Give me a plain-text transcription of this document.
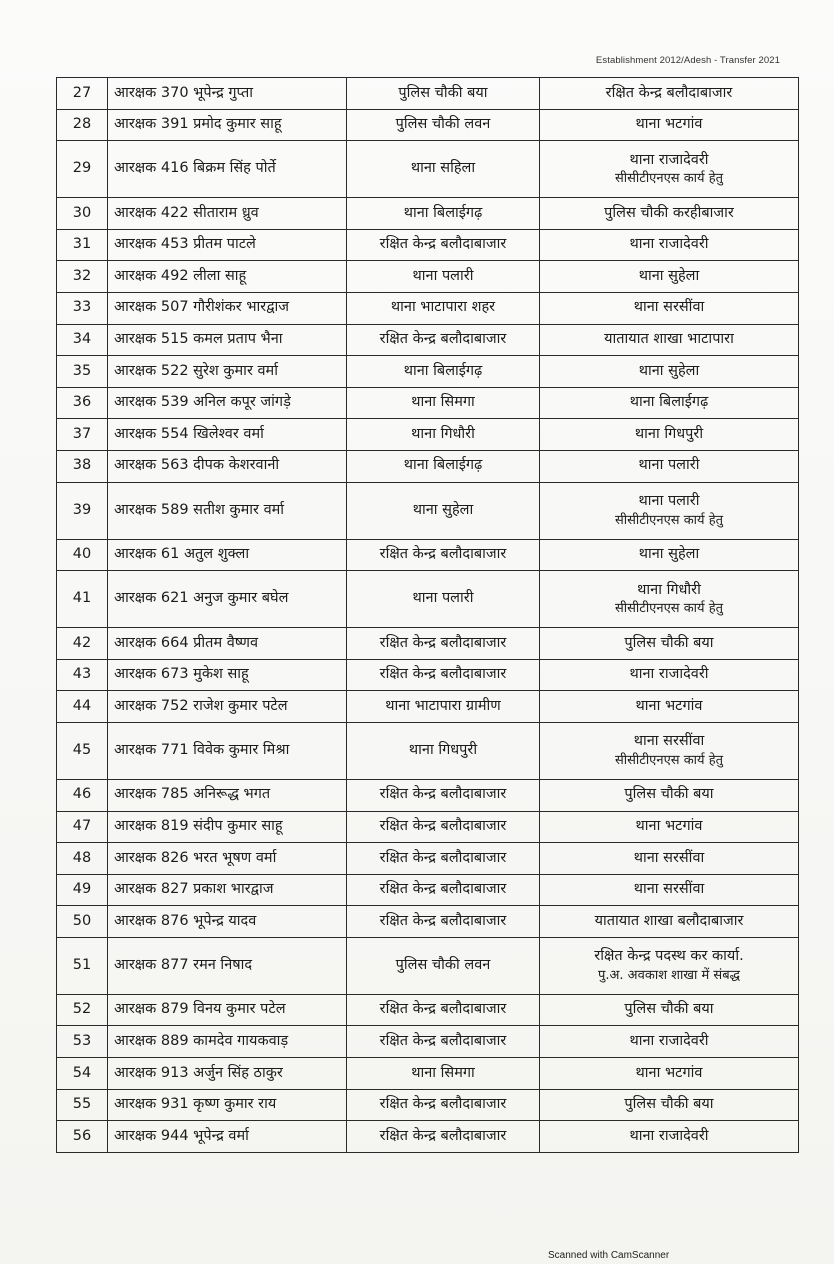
Establishment 2012/Adesh - Transfer 2021
27	आरक्षक 370 भूपेन्द्र गुप्ता	पुलिस चौकी बया	रक्षित केन्द्र बलौदाबाजार
28	आरक्षक 391 प्रमोद कुमार साहू	पुलिस चौकी लवन	थाना भटगांव
29	आरक्षक 416 बिक्रम सिंह पोर्ते	थाना सहिला	थाना राजादेवरी

सीसीटीएनएस कार्य हेतु

30	आरक्षक 422 सीताराम ध्रुव	थाना बिलाईगढ़	पुलिस चौकी करहीबाजार
31	आरक्षक 453 प्रीतम पाटले	रक्षित केन्द्र बलौदाबाजार	थाना राजादेवरी
32	आरक्षक 492 लीला साहू	थाना पलारी	थाना सुहेला
33	आरक्षक 507 गौरीशंकर भारद्वाज	थाना भाटापारा शहर	थाना सरसींवा
34	आरक्षक 515 कमल प्रताप भैना	रक्षित केन्द्र बलौदाबाजार	यातायात शाखा भाटापारा
35	आरक्षक 522 सुरेश कुमार वर्मा	थाना बिलाईगढ़	थाना सुहेला
36	आरक्षक 539 अनिल कपूर जांगड़े	थाना सिमगा	थाना बिलाईगढ़
37	आरक्षक 554 खिलेश्वर वर्मा	थाना गिधौरी	थाना गिधपुरी
38	आरक्षक 563 दीपक केशरवानी	थाना बिलाईगढ़	थाना पलारी
39	आरक्षक 589 सतीश कुमार वर्मा	थाना सुहेला	थाना पलारी

सीसीटीएनएस कार्य हेतु

40	आरक्षक 61 अतुल शुक्ला	रक्षित केन्द्र बलौदाबाजार	थाना सुहेला
41	आरक्षक 621 अनुज कुमार बघेल	थाना पलारी	थाना गिधौरी

सीसीटीएनएस कार्य हेतु

42	आरक्षक 664 प्रीतम वैष्णव	रक्षित केन्द्र बलौदाबाजार	पुलिस चौकी बया
43	आरक्षक 673 मुकेश साहू	रक्षित केन्द्र बलौदाबाजार	थाना राजादेवरी
44	आरक्षक 752 राजेश कुमार पटेल	थाना भाटापारा ग्रामीण	थाना भटगांव
45	आरक्षक 771 विवेक कुमार मिश्रा	थाना गिधपुरी	थाना सरसींवा

सीसीटीएनएस कार्य हेतु

46	आरक्षक 785 अनिरूद्ध भगत	रक्षित केन्द्र बलौदाबाजार	पुलिस चौकी बया
47	आरक्षक 819 संदीप कुमार साहू	रक्षित केन्द्र बलौदाबाजार	थाना भटगांव
48	आरक्षक 826 भरत भूषण वर्मा	रक्षित केन्द्र बलौदाबाजार	थाना सरसींवा
49	आरक्षक 827 प्रकाश भारद्वाज	रक्षित केन्द्र बलौदाबाजार	थाना सरसींवा
50	आरक्षक 876 भूपेन्द्र यादव	रक्षित केन्द्र बलौदाबाजार	यातायात शाखा बलौदाबाजार
51	आरक्षक 877 रमन निषाद	पुलिस चौकी लवन	रक्षित केन्द्र पदस्थ कर कार्या.

पु.अ. अवकाश शाखा में संबद्ध

52	आरक्षक 879 विनय कुमार पटेल	रक्षित केन्द्र बलौदाबाजार	पुलिस चौकी बया
53	आरक्षक 889 कामदेव गायकवाड़	रक्षित केन्द्र बलौदाबाजार	थाना राजादेवरी
54	आरक्षक 913 अर्जुन सिंह ठाकुर	थाना सिमगा	थाना भटगांव
55	आरक्षक 931 कृष्ण कुमार राय	रक्षित केन्द्र बलौदाबाजार	पुलिस चौकी बया
56	आरक्षक 944 भूपेन्द्र वर्मा	रक्षित केन्द्र बलौदाबाजार	थाना राजादेवरी
Scanned with CamScanner
